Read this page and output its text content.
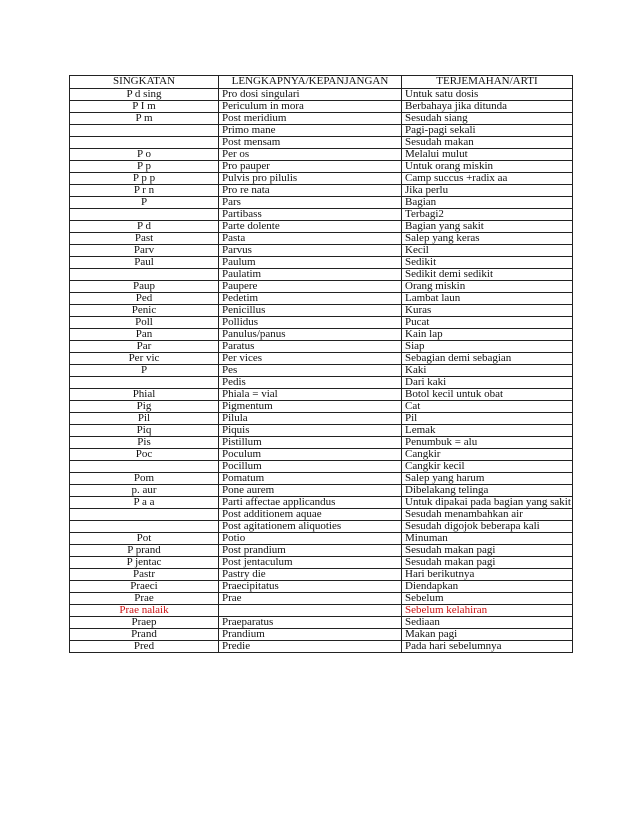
SINGKATAN	LENGKAPNYA/KEPANJANGAN	TERJEMAHAN/ARTI
P d sing	Pro dosi singulari	Untuk satu dosis
P I m	Periculum in mora	Berbahaya jika ditunda
P m	Post meridium	Sesudah siang
	Primo mane	Pagi-pagi sekali
	Post mensam	Sesudah makan
P o	Per os	Melalui mulut
P p	Pro pauper	Untuk orang miskin
P p p	Pulvis pro pilulis	Camp succus +radix aa
P r n	Pro re nata	Jika perlu
P	Pars	Bagian
	Partibass	Terbagi2
P d	Parte dolente	Bagian yang sakit
Past	Pasta	Salep yang keras
Parv	Parvus	Kecil
Paul	Paulum	Sedikit
	Paulatim	Sedikit demi sedikit
Paup	Paupere	Orang miskin
Ped	Pedetim	Lambat laun
Penic	Penicillus	Kuras
Poll	Pollidus	Pucat
Pan	Panulus/panus	Kain lap
Par	Paratus	Siap
Per vic	Per vices	Sebagian demi sebagian
P	Pes	Kaki
	Pedis	Dari kaki
Phial	Phiala = vial	Botol kecil untuk obat
Pig	Pigmentum	Cat
Pil	Pilula	Pil
Piq	Piquis	Lemak
Pis	Pistillum	Penumbuk = alu
Poc	Poculum	Cangkir
	Pocillum	Cangkir kecil
Pom	Pomatum	Salep yang harum
p. aur	Pone aurem	Dibelakang telinga
P a a	Parti affectae applicandus	Untuk dipakai pada bagian yang sakit
	Post additionem aquae	Sesudah menambahkan air
	Post agitationem aliquoties	Sesudah digojok beberapa kali
Pot	Potio	Minuman
P prand	Post prandium	Sesudah makan pagi
P jentac	Post jentaculum	Sesudah makan pagi
Pastr	Pastry die	Hari berikutnya
Praeci	Praecipitatus	Diendapkan
Prae	Prae	Sebelum
Prae nalaik		Sebelum kelahiran
Praep	Praeparatus	Sediaan
Prand	Prandium	Makan pagi
Pred	Predie	Pada hari sebelumnya
